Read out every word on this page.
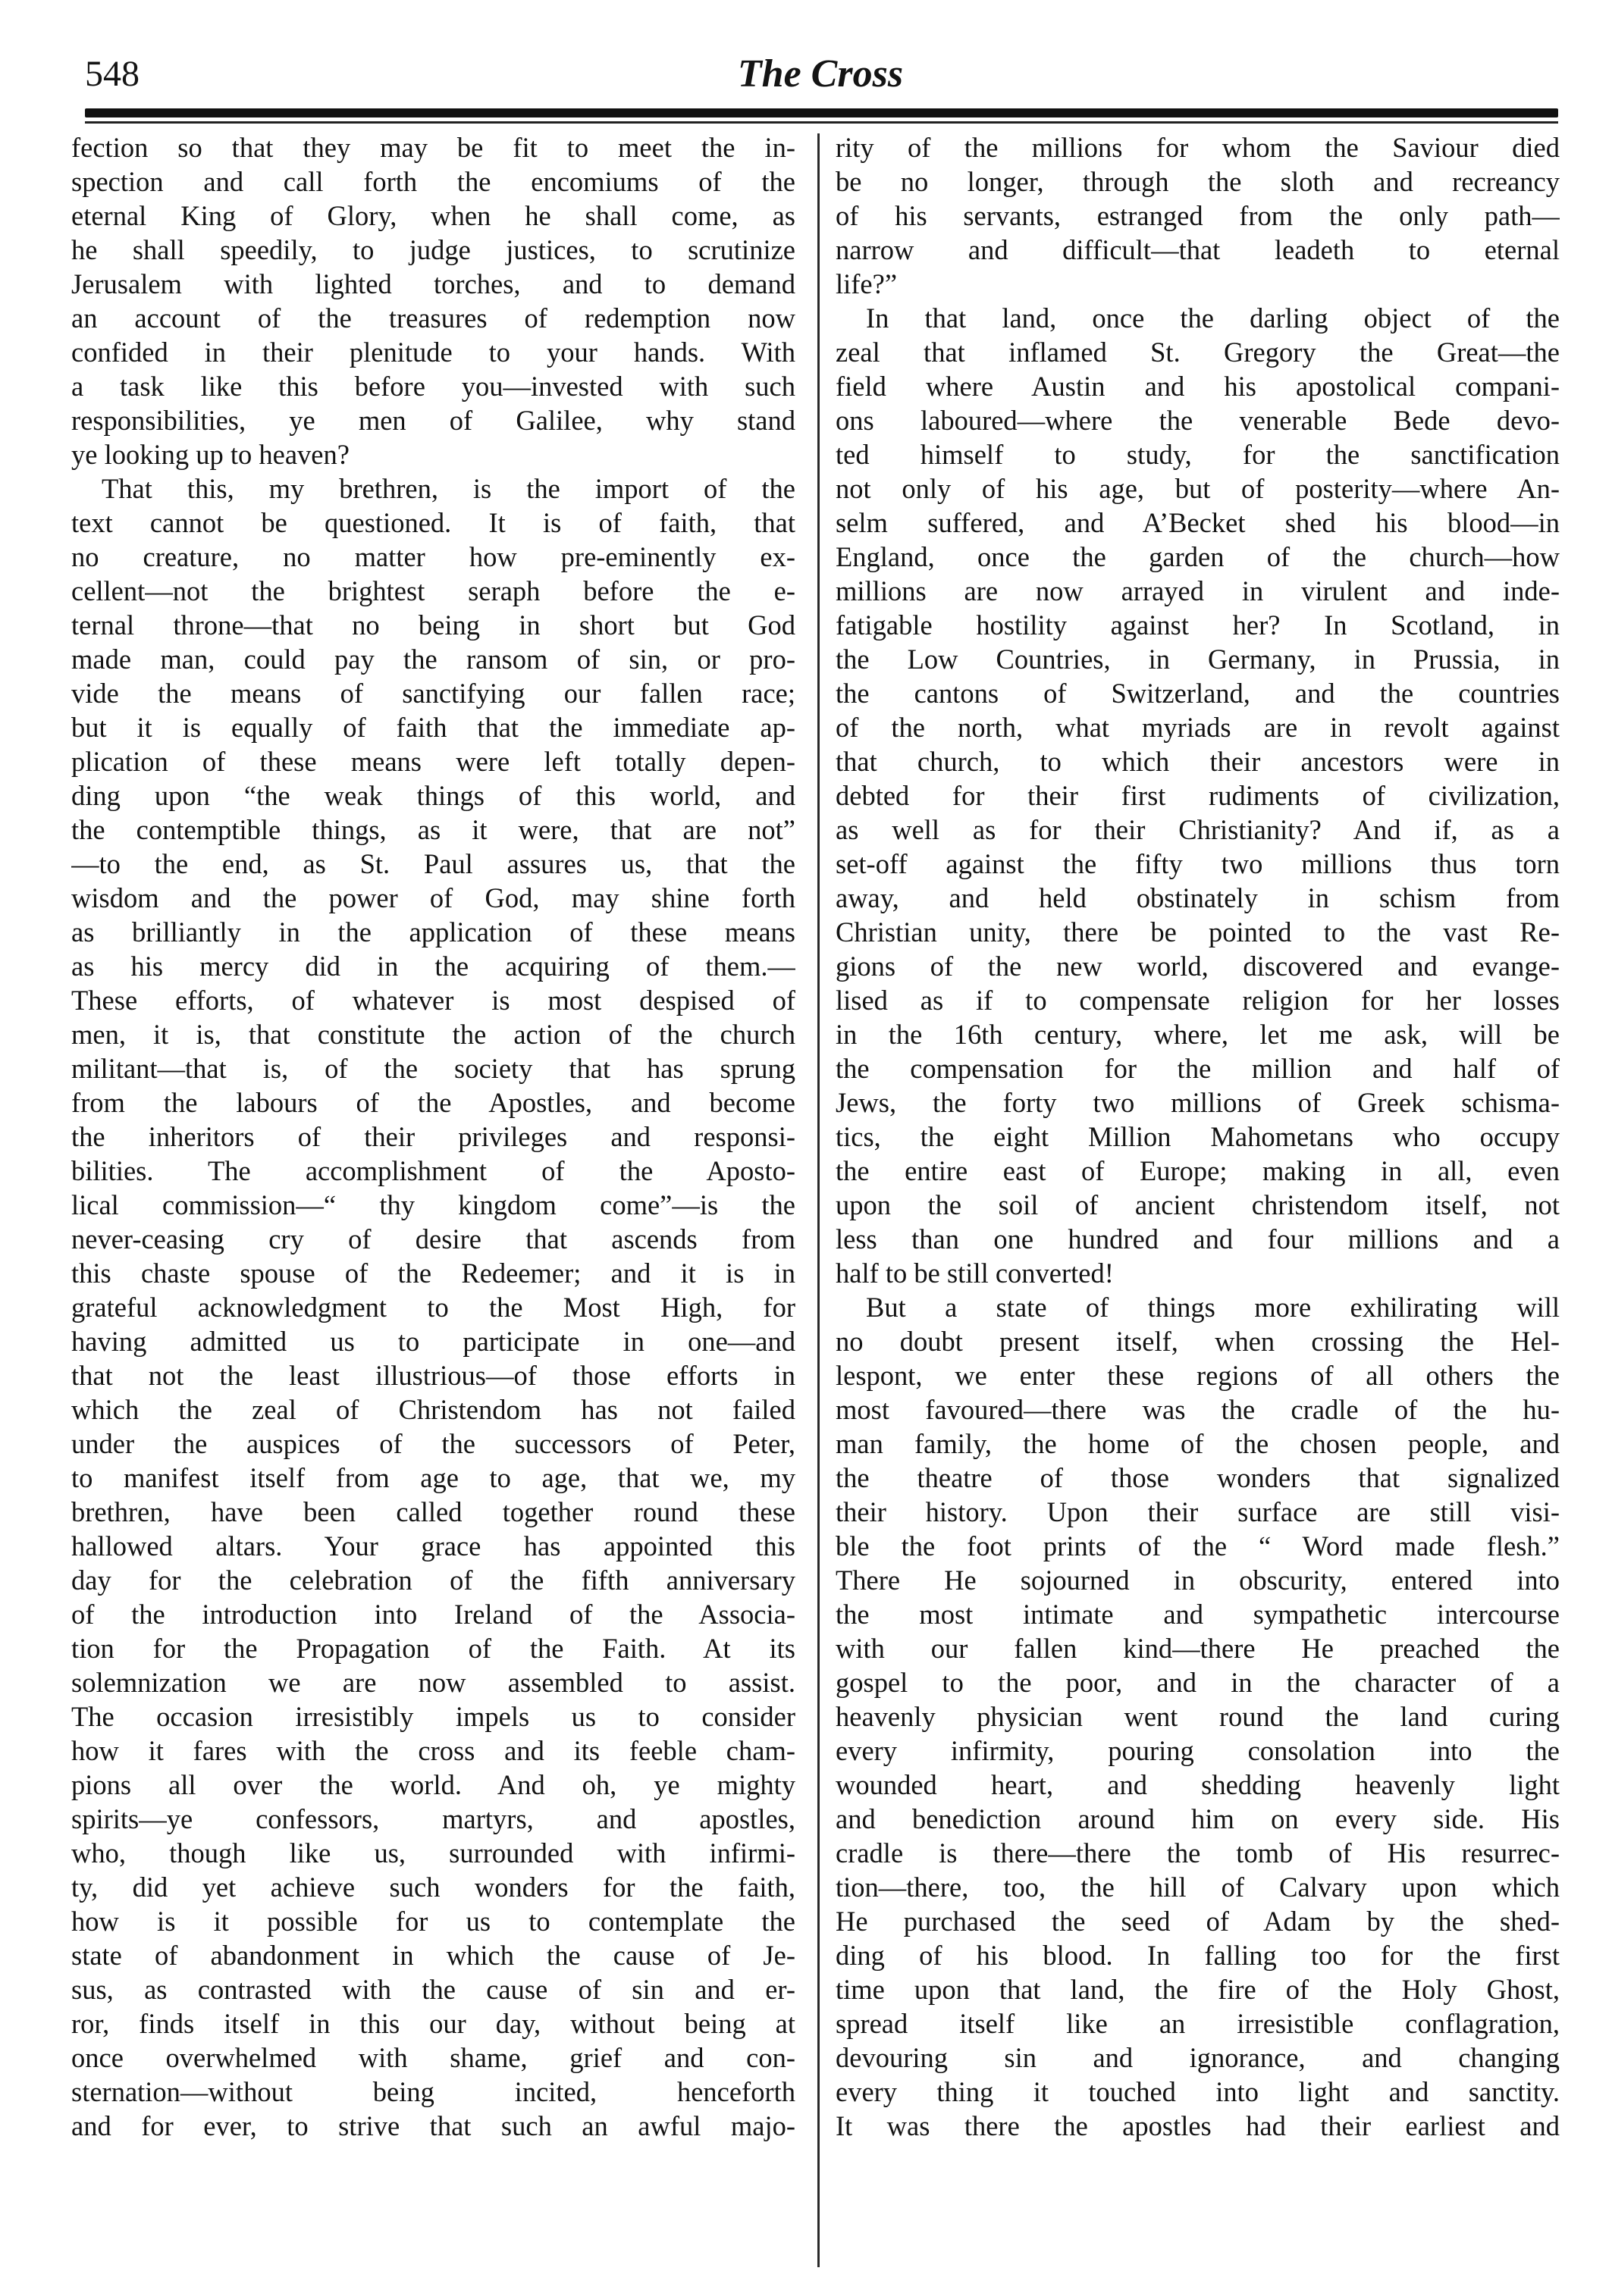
548	The Cross
fection so that they may be fit to meet the in-
spection and call forth the encomiums of the
eternal King of Glory, when he shall come, as
he shall speedily, to judge justices, to scrutinize
Jerusalem with lighted torches, and to demand
an account of the treasures of redemption now
confided in their plenitude to your hands. With
a task like this before you—invested with such
responsibilities, ye men of Galilee, why stand
ye looking up to heaven?
That this, my brethren, is the import of the
text cannot be questioned. It is of faith, that
no creature, no matter how pre-eminently ex-
cellent—not the brightest seraph before the e-
ternal throne—that no being in short but God
made man, could pay the ransom of sin, or pro-
vide the means of sanctifying our fallen race;
but it is equally of faith that the immediate ap-
plication of these means were left totally depen-
ding upon “the weak things of this world, and
the contemptible things, as it were, that are not”
—to the end, as St. Paul assures us, that the
wisdom and the power of God, may shine forth
as brilliantly in the application of these means
as his mercy did in the acquiring of them.—
These efforts, of whatever is most despised of
men, it is, that constitute the action of the church
militant—that is, of the society that has sprung
from the labours of the Apostles, and become
the inheritors of their privileges and responsi-
bilities. The accomplishment of the Aposto-
lical commission—“ thy kingdom come”—is the
never-ceasing cry of desire that ascends from
this chaste spouse of the Redeemer; and it is in
grateful acknowledgment to the Most High, for
having admitted us to participate in one—and
that not the least illustrious—of those efforts in
which the zeal of Christendom has not failed
under the auspices of the successors of Peter,
to manifest itself from age to age, that we, my
brethren, have been called together round these
hallowed altars. Your grace has appointed this
day for the celebration of the fifth anniversary
of the introduction into Ireland of the Associa-
tion for the Propagation of the Faith. At its
solemnization we are now assembled to assist.
The occasion irresistibly impels us to consider
how it fares with the cross and its feeble cham-
pions all over the world. And oh, ye mighty
spirits—ye confessors, martyrs, and apostles,
who, though like us, surrounded with infirmi-
ty, did yet achieve such wonders for the faith,
how is it possible for us to contemplate the
state of abandonment in which the cause of Je-
sus, as contrasted with the cause of sin and er-
ror, finds itself in this our day, without being at
once overwhelmed with shame, grief and con-
sternation—without being incited, henceforth
and for ever, to strive that such an awful majo-
rity of the millions for whom the Saviour died
be no longer, through the sloth and recreancy
of his servants, estranged from the only path—
narrow and difficult—that leadeth to eternal
life?”
In that land, once the darling object of the
zeal that inflamed St. Gregory the Great—the
field where Austin and his apostolical compani-
ons laboured—where the venerable Bede devo-
ted himself to study, for the sanctification
not only of his age, but of posterity—where An-
selm suffered, and A’Becket shed his blood—in
England, once the garden of the church—how
millions are now arrayed in virulent and inde-
fatigable hostility against her? In Scotland, in
the Low Countries, in Germany, in Prussia, in
the cantons of Switzerland, and the countries
of the north, what myriads are in revolt against
that church, to which their ancestors were in
debted for their first rudiments of civilization,
as well as for their Christianity? And if, as a
set-off against the fifty two millions thus torn
away, and held obstinately in schism from
Christian unity, there be pointed to the vast Re-
gions of the new world, discovered and evange-
lised as if to compensate religion for her losses
in the 16th century, where, let me ask, will be
the compensation for the million and half of
Jews, the forty two millions of Greek schisma-
tics, the eight Million Mahometans who occupy
the entire east of Europe; making in all, even
upon the soil of ancient christendom itself, not
less than one hundred and four millions and a
half to be still converted!
But a state of things more exhilirating will
no doubt present itself, when crossing the Hel-
lespont, we enter these regions of all others the
most favoured—there was the cradle of the hu-
man family, the home of the chosen people, and
the theatre of those wonders that signalized
their history. Upon their surface are still visi-
ble the foot prints of the “ Word made flesh.”
There He sojourned in obscurity, entered into
the most intimate and sympathetic intercourse
with our fallen kind—there He preached the
gospel to the poor, and in the character of a
heavenly physician went round the land curing
every infirmity, pouring consolation into the
wounded heart, and shedding heavenly light
and benediction around him on every side. His
cradle is there—there the tomb of His resurrec-
tion—there, too, the hill of Calvary upon which
He purchased the seed of Adam by the shed-
ding of his blood. In falling too for the first
time upon that land, the fire of the Holy Ghost,
spread itself like an irresistible conflagration,
devouring sin and ignorance, and changing
every thing it touched into light and sanctity.
It was there the apostles had their earliest and
